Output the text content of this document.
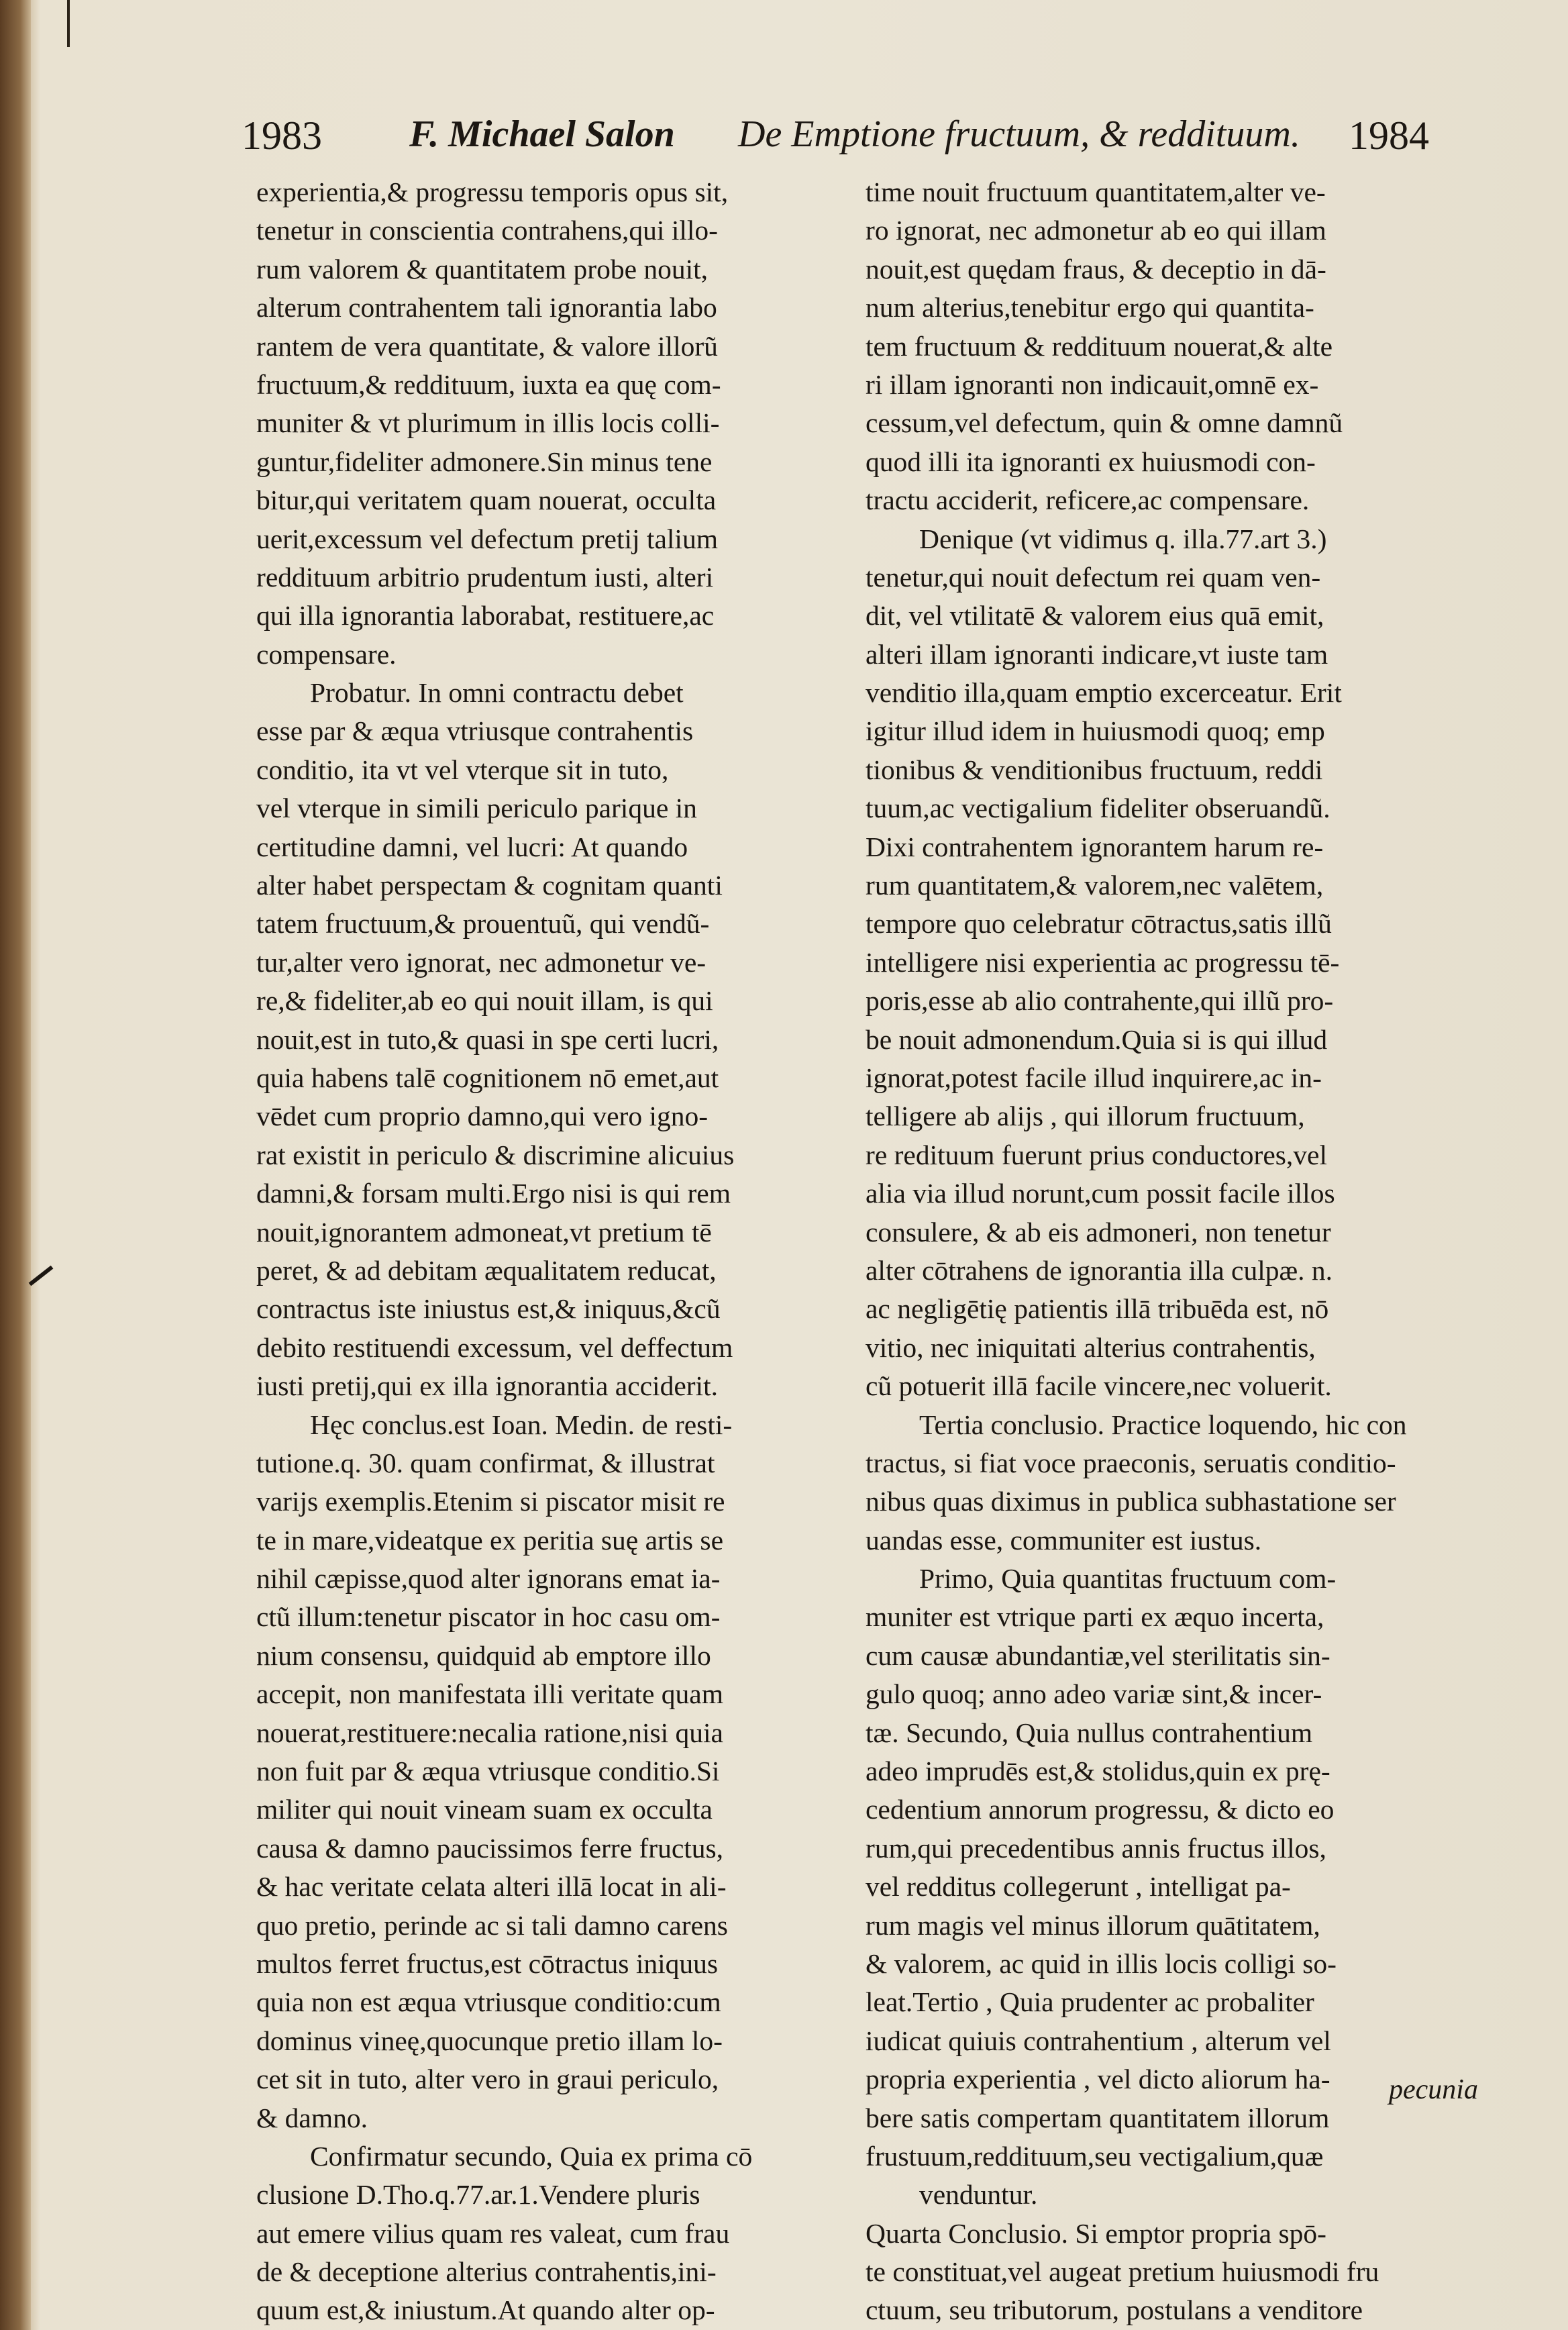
1983 F. Michael Salon De Emptione fructuum, & reddituum. 1984
experientia,& progressu temporis opus sit,
tenetur in conscientia contrahens,qui illo-
rum valorem & quantitatem probe nouit,
alterum contrahentem tali ignorantia labo
rantem de vera quantitate, & valore illorũ
fructuum,& reddituum, iuxta ea quę com-
muniter & vt plurimum in illis locis colli-
guntur,fideliter admonere.Sin minus tene
bitur,qui veritatem quam nouerat, occulta
uerit,excessum vel defectum pretij talium
reddituum arbitrio prudentum iusti, alteri
qui illa ignorantia laborabat, restituere,ac
compensare.
Probatur. In omni contractu debet
esse par & æqua vtriusque contrahentis
conditio, ita vt vel vterque sit in tuto,
vel vterque in simili periculo parique in
certitudine damni, vel lucri: At quando
alter habet perspectam & cognitam quanti
tatem fructuum,& prouentuũ, qui vendũ-
tur,alter vero ignorat, nec admonetur ve-
re,& fideliter,ab eo qui nouit illam, is qui
nouit,est in tuto,& quasi in spe certi lucri,
quia habens talē cognitionem nō emet,aut
vēdet cum proprio damno,qui vero igno-
rat existit in periculo & discrimine alicuius
damni,& forsam multi.Ergo nisi is qui rem
nouit,ignorantem admoneat,vt pretium tē
peret, & ad debitam æqualitatem reducat,
contractus iste iniustus est,& iniquus,&cũ
debito restituendi excessum, vel deffectum
iusti pretij,qui ex illa ignorantia acciderit.
Hęc conclus.est Ioan. Medin. de resti-
tutione.q. 30. quam confirmat, & illustrat
varijs exemplis.Etenim si piscator misit re
te in mare,videatque ex peritia suę artis se
nihil cæpisse,quod alter ignorans emat ia-
ctũ illum:tenetur piscator in hoc casu om-
nium consensu, quidquid ab emptore illo
accepit, non manifestata illi veritate quam
nouerat,restituere:necalia ratione,nisi quia
non fuit par & æqua vtriusque conditio.Si
militer qui nouit vineam suam ex occulta
causa & damno paucissimos ferre fructus,
& hac veritate celata alteri illā locat in ali-
quo pretio, perinde ac si tali damno carens
multos ferret fructus,est cōtractus iniquus
quia non est æqua vtriusque conditio:cum
dominus vineę,quocunque pretio illam lo-
cet sit in tuto, alter vero in graui periculo,
& damno.
Confirmatur secundo, Quia ex prima cō
clusione D.Tho.q.77.ar.1.Vendere pluris
aut emere vilius quam res valeat, cum frau
de & deceptione alterius contrahentis,ini-
quum est,& iniustum.At quando alter op-
time nouit fructuum quantitatem,alter ve-
ro ignorat, nec admonetur ab eo qui illam
nouit,est quędam fraus, & deceptio in dā-
num alterius,tenebitur ergo qui quantita-
tem fructuum & reddituum nouerat,& alte
ri illam ignoranti non indicauit,omnē ex-
cessum,vel defectum, quin & omne damnũ
quod illi ita ignoranti ex huiusmodi con-
tractu acciderit, reficere,ac compensare.
Denique (vt vidimus q. illa.77.art 3.)
tenetur,qui nouit defectum rei quam ven-
dit, vel vtilitatē & valorem eius quā emit,
alteri illam ignoranti indicare,vt iuste tam
venditio illa,quam emptio excerceatur. Erit
igitur illud idem in huiusmodi quoq; emp
tionibus & venditionibus fructuum, reddi
tuum,ac vectigalium fideliter obseruandũ.
Dixi contrahentem ignorantem harum re-
rum quantitatem,& valorem,nec valētem,
tempore quo celebratur cōtractus,satis illũ
intelligere nisi experientia ac progressu tē-
poris,esse ab alio contrahente,qui illũ pro-
be nouit admonendum.Quia si is qui illud
ignorat,potest facile illud inquirere,ac in-
telligere ab alijs , qui illorum fructuum,
re redituum fuerunt prius conductores,vel
alia via illud norunt,cum possit facile illos
consulere, & ab eis admoneri, non tenetur
alter cōtrahens de ignorantia illa culpæ. n.
ac negligētię patientis illā tribuēda est, nō
vitio, nec iniquitati alterius contrahentis,
cũ potuerit illā facile vincere,nec voluerit.
Tertia conclusio. Practice loquendo, hic con
tractus, si fiat voce praeconis, seruatis conditio-
nibus quas diximus in publica subhastatione ser
uandas esse, communiter est iustus.
Primo, Quia quantitas fructuum com-
muniter est vtrique parti ex æquo incerta,
cum causæ abundantiæ,vel sterilitatis sin-
gulo quoq; anno adeo variæ sint,& incer-
tæ. Secundo, Quia nullus contrahentium
adeo imprudēs est,& stolidus,quin ex prę-
cedentium annorum progressu, & dicto eo
rum,qui precedentibus annis fructus illos,
vel redditus collegerunt , intelligat pa-
rum magis vel minus illorum quātitatem,
& valorem, ac quid in illis locis colligi so-
leat.Tertio , Quia prudenter ac probaliter
iudicat quiuis contrahentium , alterum vel
propria experientia , vel dicto aliorum ha-
bere satis compertam quantitatem illorum
frustuum,reddituum,seu vectigalium,quæ
venduntur.
Quarta Conclusio. Si emptor propria spō-
te constituat,vel augeat pretium huiusmodi fru
ctuum, seu tributorum, postulans a venditore
pecunia
